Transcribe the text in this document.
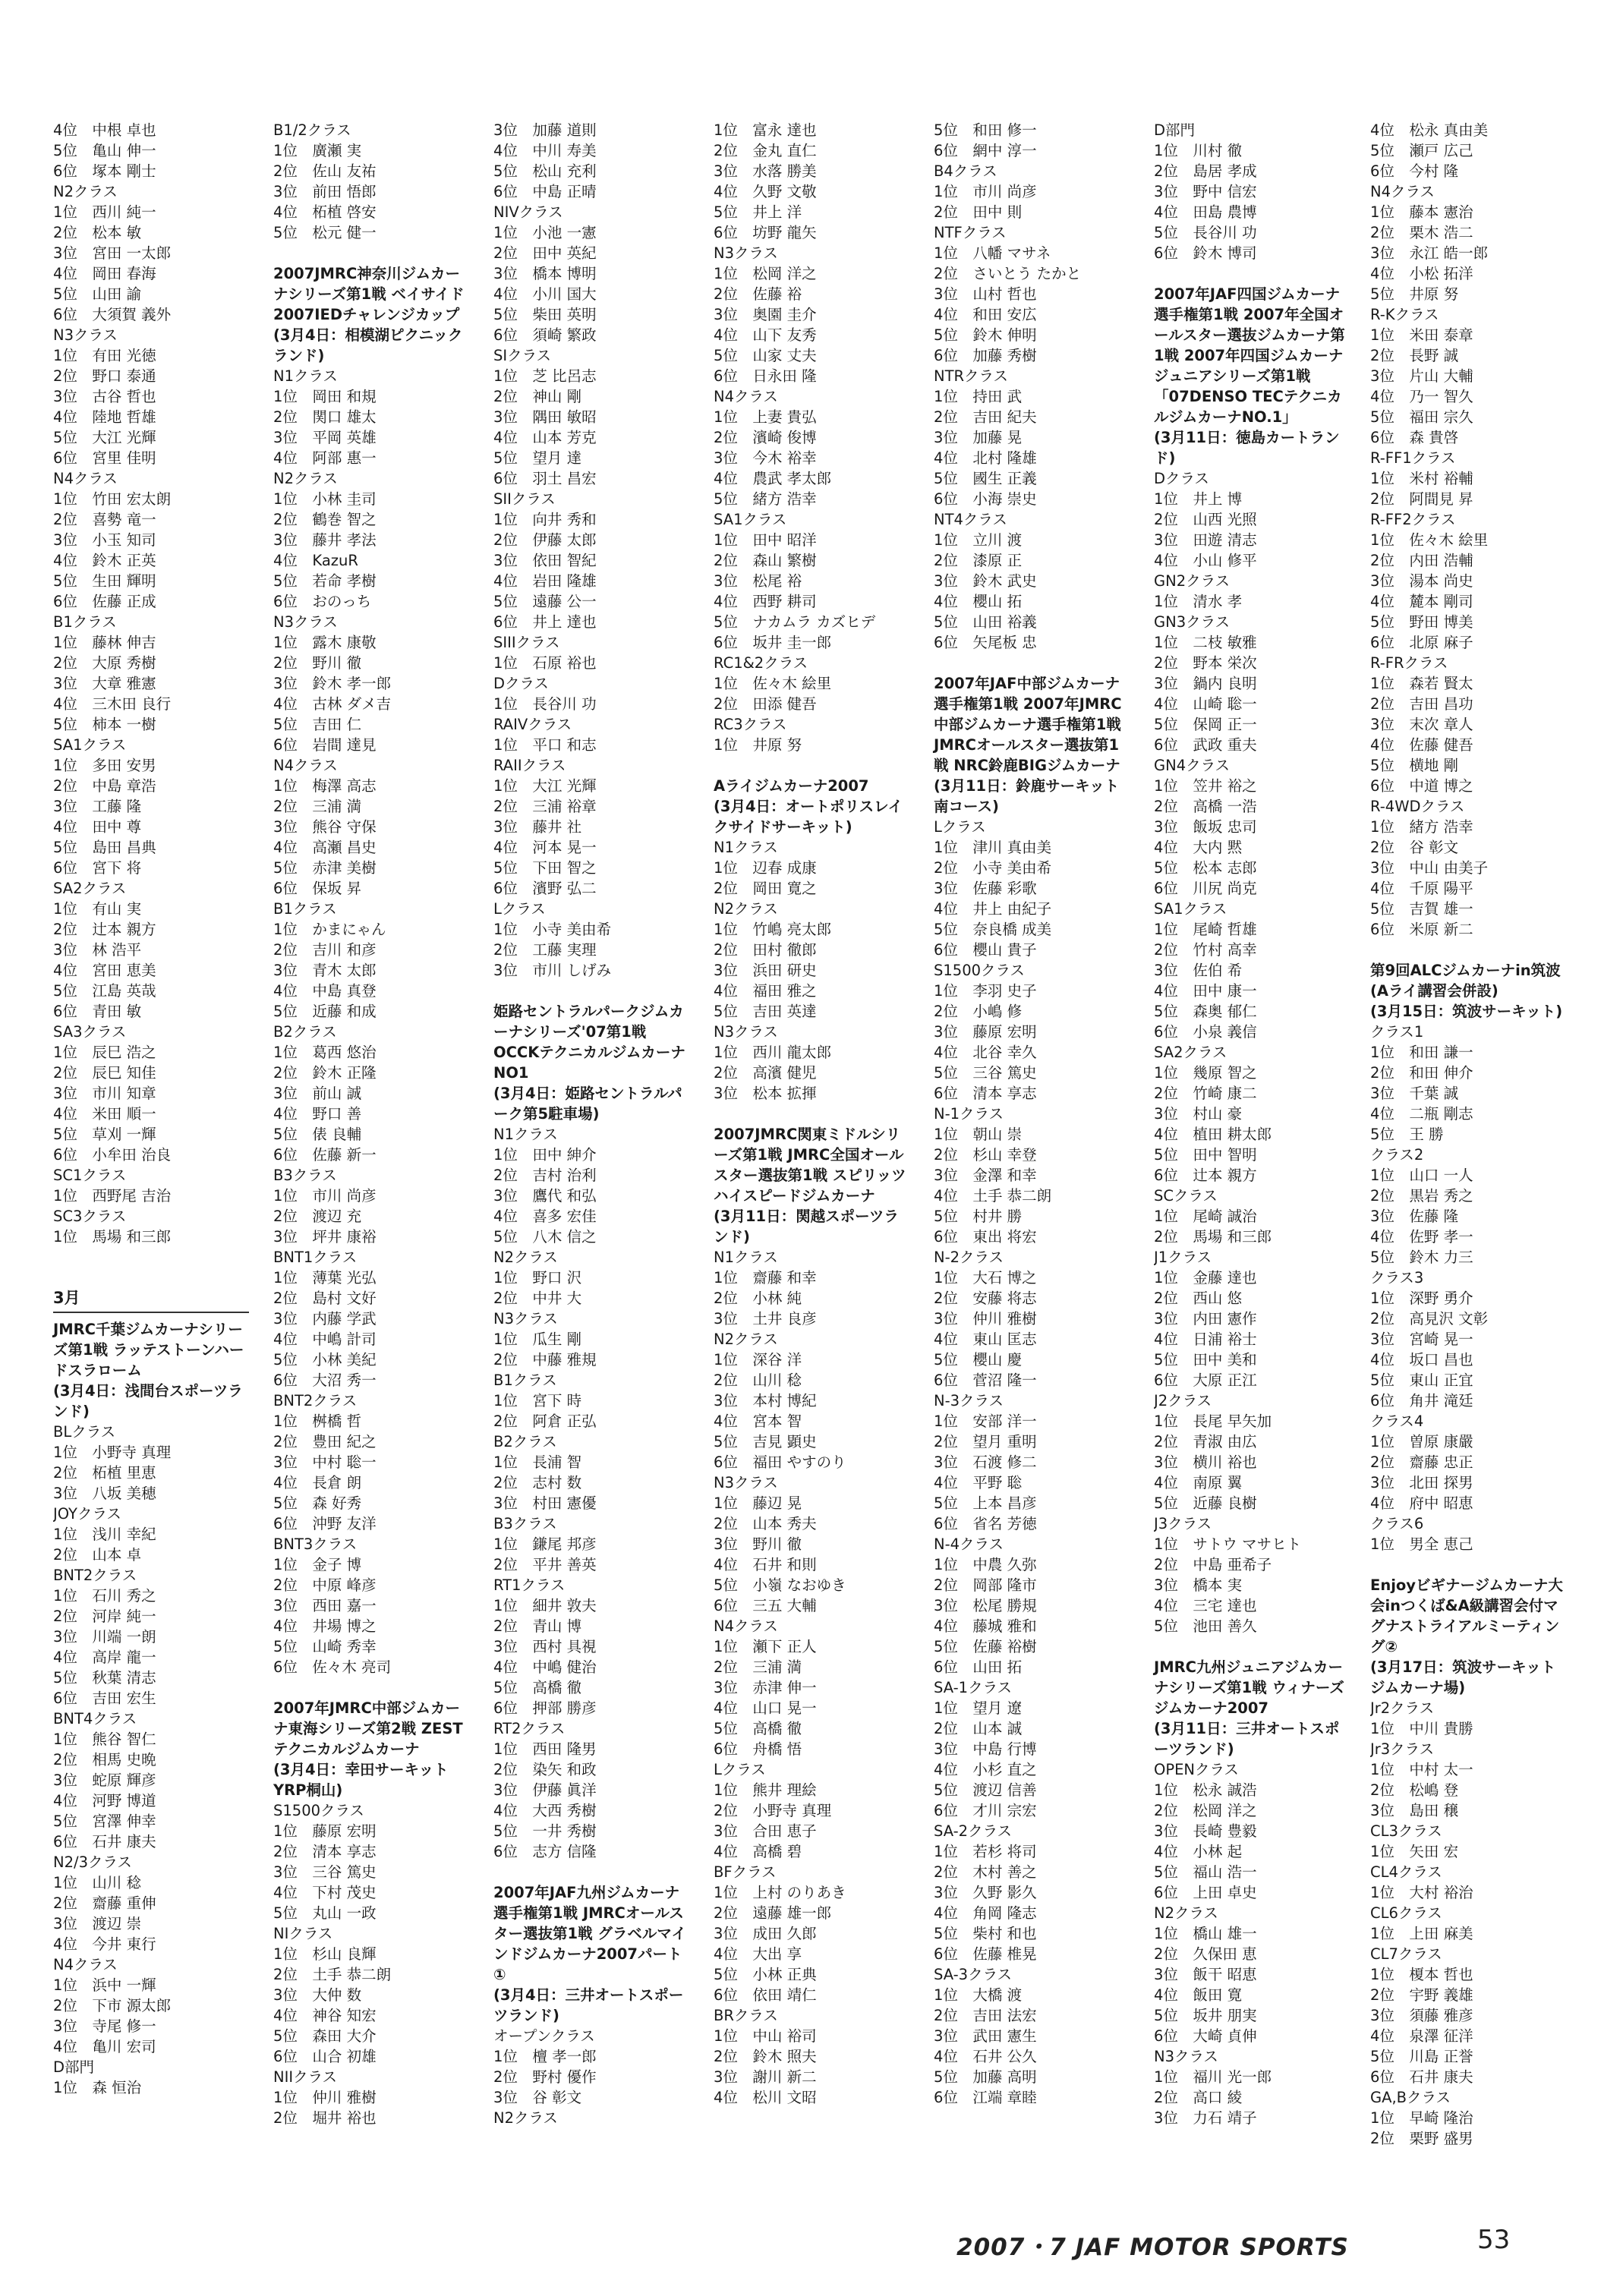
4位　中根 卓也
5位　亀山 伸一
6位　塚本 剛士
N2クラス
1位　西川 純一
2位　松本 敏
3位　宮田 一太郎
4位　岡田 春海
5位　山田 諭
6位　大須賀 義外
N3クラス
1位　有田 光徳
2位　野口 泰通
3位　古谷 哲也
4位　陸地 哲雄
5位　大江 光輝
6位　宮里 佳明
N4クラス
1位　竹田 宏太朗
2位　喜勢 竜一
3位　小玉 知司
4位　鈴木 正英
5位　生田 輝明
6位　佐藤 正成
B1クラス
1位　藤林 伸吉
2位　大原 秀樹
3位　大章 雅憲
4位　三木田 良行
5位　柿本 一樹
SA1クラス
1位　多田 安男
2位　中島 章浩
3位　工藤 隆
4位　田中 尊
5位　島田 昌典
6位　宮下 将
SA2クラス
1位　有山 実
2位　辻本 親方
3位　林 浩平
4位　宮田 恵美
5位　江島 英哉
6位　青田 敏
SA3クラス
1位　辰巳 浩之
2位　辰巳 知佳
3位　市川 知章
4位　米田 順一
5位　草刈 一輝
6位　小牟田 治良
SC1クラス
1位　西野尾 吉治
SC3クラス
1位　馬場 和三郎
3月
JMRC千葉ジムカーナシリーズ第1戦 ラッテストーンハードスラローム
(3月4日：浅間台スポーツランド)
BLクラス
1位　小野寺 真理
2位　柘植 里恵
3位　八坂 美穂
JOYクラス
1位　浅川 幸紀
2位　山本 卓
BNT2クラス
1位　石川 秀之
2位　河岸 純一
3位　川端 一朗
4位　高岸 龍一
5位　秋葉 清志
6位　吉田 宏生
BNT4クラス
1位　熊谷 智仁
2位　相馬 史晩
3位　蛇原 輝彦
4位　河野 博道
5位　宮澤 伸幸
6位　石井 康夫
N2/3クラス
1位　山川 稔
2位　齋藤 重伸
3位　渡辺 崇
4位　今井 東行
N4クラス
1位　浜中 一輝
2位　下市 源太郎
3位　寺尾 修一
4位　亀川 宏司
D部門
1位　森 恒治
B1/2クラス
1位　廣瀬 実
2位　佐山 友祐
3位　前田 悟郎
4位　柘植 啓安
5位　松元 健一
2007JMRC神奈川ジムカーナシリーズ第1戦 ベイサイド2007IEDチャレンジカップ
(3月4日：相模湖ピクニックランド)
N1クラス
1位　岡田 和規
2位　関口 雄太
3位　平岡 英雄
4位　阿部 惠一
N2クラス
1位　小林 圭司
2位　鶴巻 智之
3位　藤井 孝法
4位　KazuR
5位　若命 孝樹
6位　おのっち
N3クラス
1位　露木 康敬
2位　野川 徹
3位　鈴木 孝一郎
4位　古林 ダメ吉
5位　吉田 仁
6位　岩間 達見
N4クラス
1位　梅澤 高志
2位　三浦 満
3位　熊谷 守保
4位　高瀬 昌史
5位　赤津 美樹
6位　保坂 昇
B1クラス
1位　かまにゃん
2位　吉川 和彦
3位　青木 太郎
4位　中島 真登
5位　近藤 和成
B2クラス
1位　葛西 悠治
2位　鈴木 正隆
3位　前山 誠
4位　野口 善
5位　俵 良輔
6位　佐藤 新一
B3クラス
1位　市川 尚彦
2位　渡辺 充
3位　坪井 康裕
BNT1クラス
1位　薄葉 光弘
2位　島村 文好
3位　内藤 学武
4位　中嶋 計司
5位　小林 美紀
6位　大沼 秀一
BNT2クラス
1位　桝橋 哲
2位　豊田 紀之
3位　中村 聡一
4位　長倉 朗
5位　森 好秀
6位　沖野 友洋
BNT3クラス
1位　金子 博
2位　中原 峰彦
3位　西田 嘉一
4位　井場 博之
5位　山崎 秀幸
6位　佐々木 亮司
2007年JMRC中部ジムカーナ東海シリーズ第2戦 ZESTテクニカルジムカーナ
(3月4日：幸田サーキットYRP桐山)
S1500クラス
1位　藤原 宏明
2位　清本 享志
3位　三谷 篤史
4位　下村 茂史
5位　丸山 一政
NIクラス
1位　杉山 良輝
2位　土手 恭二朗
3位　大仲 数
4位　神谷 知宏
5位　森田 大介
6位　山合 初雄
NIIクラス
1位　仲川 雅樹
2位　堀井 裕也
3位　加藤 道則
4位　中川 寿美
5位　松山 充利
6位　中島 正晴
NIVクラス
1位　小池 一憲
2位　田中 英紀
3位　橋本 博明
4位　小川 国大
5位　柴田 英明
6位　須崎 繁政
SIクラス
1位　芝 比呂志
2位　神山 剛
3位　隅田 敏昭
4位　山本 芳克
5位　望月 達
6位　羽土 昌宏
SIIクラス
1位　向井 秀和
2位　伊藤 太郎
3位　依田 智紀
4位　岩田 隆雄
5位　遠藤 公一
6位　井上 達也
SIIIクラス
1位　石原 裕也
Dクラス
1位　長谷川 功
RAIVクラス
1位　平口 和志
RAIIクラス
1位　大江 光輝
2位　三浦 裕章
3位　藤井 社
4位　河本 晃一
5位　下田 智之
6位　濱野 弘二
Lクラス
1位　小寺 美由希
2位　工藤 実理
3位　市川 しげみ
姫路セントラルパークジムカーナシリーズ'07第1戦 OCCKテクニカルジムカーナNO1
(3月4日：姫路セントラルパーク第5駐車場)
N1クラス
1位　田中 紳介
2位　吉村 治利
3位　鷹代 和弘
4位　喜多 宏佳
5位　八木 信之
N2クラス
1位　野口 沢
2位　中井 大
N3クラス
1位　瓜生 剛
2位　中藤 雅規
B1クラス
1位　宮下 時
2位　阿倉 正弘
B2クラス
1位　長浦 智
2位　志村 数
3位　村田 憲優
B3クラス
1位　鎌尾 邦彦
2位　平井 善英
RT1クラス
1位　細井 敦夫
2位　青山 博
3位　西村 具視
4位　中嶋 健治
5位　高橋 徹
6位　押部 勝彦
RT2クラス
1位　西田 隆男
2位　染矢 和政
3位　伊藤 眞洋
4位　大西 秀樹
5位　一井 秀樹
6位　志方 信隆
2007年JAF九州ジムカーナ選手権第1戦 JMRCオールスター選抜第1戦 グラベルマインドジムカーナ2007パート①
(3月4日：三井オートスポーツランド)
オープンクラス
1位　檀 孝一郎
2位　野村 優作
3位　谷 彰文
N2クラス
1位　富永 達也
2位　金丸 直仁
3位　水落 勝美
4位　久野 文敬
5位　井上 洋
6位　坊野 龍矢
N3クラス
1位　松岡 洋之
2位　佐藤 裕
3位　奥園 圭介
4位　山下 友秀
5位　山家 丈夫
6位　日永田 隆
N4クラス
1位　上妻 貴弘
2位　濱崎 俊博
3位　今木 裕幸
4位　農武 孝太郎
5位　緒方 浩幸
SA1クラス
1位　田中 昭洋
2位　森山 繁樹
3位　松尾 裕
4位　西野 耕司
5位　ナカムラ カズヒデ
6位　坂井 圭一郎
RC1&2クラス
1位　佐々木 絵里
2位　田添 健吾
RC3クラス
1位　井原 努
Aライジムカーナ2007
(3月4日：オートポリスレイクサイドサーキット)
N1クラス
1位　辺春 成康
2位　岡田 寛之
N2クラス
1位　竹嶋 亮太郎
2位　田村 徹郎
3位　浜田 研史
4位　福田 雅之
5位　吉田 英達
N3クラス
1位　西川 龍太郎
2位　高濱 健児
3位　松本 拡揮
2007JMRC関東ミドルシリーズ第1戦 JMRC全国オールスター選抜第1戦 スピリッツハイスピードジムカーナ
(3月11日：関越スポーツランド)
N1クラス
1位　齋藤 和幸
2位　小林 純
3位　土井 良彦
N2クラス
1位　深谷 洋
2位　山川 稔
3位　本村 博紀
4位　宮本 智
5位　吉見 顕史
6位　福田 やすのり
N3クラス
1位　藤辺 晃
2位　山本 秀夫
3位　野川 徹
4位　石井 和則
5位　小嶺 なおゆき
6位　三五 大輔
N4クラス
1位　瀬下 正人
2位　三浦 満
3位　赤津 伸一
4位　山口 晃一
5位　高橋 徹
6位　舟橋 悟
Lクラス
1位　熊井 理絵
2位　小野寺 真理
3位　合田 恵子
4位　高橋 碧
BFクラス
1位　上村 のりあき
2位　遠藤 雄一郎
3位　成田 久郎
4位　大出 享
5位　小林 正典
6位　依田 靖仁
BRクラス
1位　中山 裕司
2位　鈴木 照夫
3位　謝川 新二
4位　松川 文昭
5位　和田 修一
6位　網中 淳一
B4クラス
1位　市川 尚彦
2位　田中 則
NTFクラス
1位　八幡 マサネ
2位　さいとう たかと
3位　山村 哲也
4位　和田 安広
5位　鈴木 伸明
6位　加藤 秀樹
NTRクラス
1位　持田 武
2位　吉田 紀夫
3位　加藤 晃
4位　北村 隆雄
5位　國生 正義
6位　小海 崇史
NT4クラス
1位　立川 渡
2位　漆原 正
3位　鈴木 武史
4位　櫻山 拓
5位　山田 裕義
6位　矢尾板 忠
2007年JAF中部ジムカーナ選手権第1戦 2007年JMRC中部ジムカーナ選手権第1戦 JMRCオールスター選抜第1戦 NRC鈴鹿BIGジムカーナ
(3月11日：鈴鹿サーキット南コース)
Lクラス
1位　津川 真由美
2位　小寺 美由希
3位　佐藤 彩歌
4位　井上 由紀子
5位　奈良橋 成美
6位　櫻山 貴子
S1500クラス
1位　李羽 史子
2位　小嶋 修
3位　藤原 宏明
4位　北谷 幸久
5位　三谷 篤史
6位　清本 享志
N-1クラス
1位　朝山 崇
2位　杉山 幸登
3位　金澤 和幸
4位　土手 恭二朗
5位　村井 勝
6位　東出 将宏
N-2クラス
1位　大石 博之
2位　安藤 将志
3位　仲川 雅樹
4位　東山 匡志
5位　櫻山 慶
6位　菅沼 隆一
N-3クラス
1位　安部 洋一
2位　望月 重明
3位　石渡 修二
4位　平野 聡
5位　上本 昌彦
6位　省名 芳徳
N-4クラス
1位　中農 久弥
2位　岡部 隆市
3位　松尾 勝規
4位　藤城 雅和
5位　佐藤 裕樹
6位　山田 拓
SA-1クラス
1位　望月 遼
2位　山本 誠
3位　中島 行博
4位　小杉 直之
5位　渡辺 信善
6位　才川 宗宏
SA-2クラス
1位　若杉 将司
2位　木村 善之
3位　久野 影久
4位　角岡 隆志
5位　柴村 和也
6位　佐藤 椎晃
SA-3クラス
1位　大橋 渡
2位　吉田 法宏
3位　武田 憲生
4位　石井 公久
5位　加藤 高明
6位　江端 章睦
D部門
1位　川村 徹
2位　島居 孝成
3位　野中 信宏
4位　田島 農博
5位　長谷川 功
6位　鈴木 博司
2007年JAF四国ジムカーナ選手権第1戦 2007年全国オールスター選抜ジムカーナ第1戦 2007年四国ジムカーナジュニアシリーズ第1戦 「07DENSO TECテクニカルジムカーナNO.1」
(3月11日：徳島カートランド)
Dクラス
1位　井上 博
2位　山西 光照
3位　田遊 清志
4位　小山 修平
GN2クラス
1位　清水 孝
GN3クラス
1位　二枝 敏雅
2位　野本 栄次
3位　鍋内 良明
4位　山崎 聡一
5位　保岡 正一
6位　武政 重夫
GN4クラス
1位　笠井 裕之
2位　高橋 一浩
3位　飯坂 忠司
4位　大内 黙
5位　松本 志郎
6位　川尻 尚克
SA1クラス
1位　尾崎 哲雄
2位　竹村 高幸
3位　佐伯 希
4位　田中 康一
5位　森奥 郁仁
6位　小泉 義信
SA2クラス
1位　幾原 智之
2位　竹崎 康二
3位　村山 豪
4位　植田 耕太郎
5位　田中 智明
6位　辻本 親方
SCクラス
1位　尾崎 誠治
2位　馬場 和三郎
J1クラス
1位　金藤 達也
2位　西山 悠
3位　内田 憲作
4位　日浦 裕士
5位　田中 美和
6位　大原 正江
J2クラス
1位　長尾 早矢加
2位　青淑 由広
3位　横川 裕也
4位　南原 翼
5位　近藤 良樹
J3クラス
1位　サトウ マサヒト
2位　中島 亜希子
3位　橋本 実
4位　三宅 達也
5位　池田 善久
JMRC九州ジュニアジムカーナシリーズ第1戦 ウィナーズジムカーナ2007
(3月11日：三井オートスポーツランド)
OPENクラス
1位　松永 誠浩
2位　松岡 洋之
3位　長崎 豊毅
4位　小林 起
5位　福山 浩一
6位　上田 卓史
N2クラス
1位　橋山 雄一
2位　久保田 恵
3位　飯干 昭恵
4位　飯田 寛
5位　坂井 朋実
6位　大崎 貞伸
N3クラス
1位　福川 光一郎
2位　高口 綾
3位　力石 靖子
4位　松永 真由美
5位　瀬戸 広己
6位　今村 隆
N4クラス
1位　藤本 憲治
2位　栗木 浩二
3位　永江 皓一郎
4位　小松 拓洋
5位　井原 努
R-Kクラス
1位　米田 泰章
2位　長野 誠
3位　片山 大輔
4位　乃一 智久
5位　福田 宗久
6位　森 貴啓
R-FF1クラス
1位　米村 裕輔
2位　阿間見 昇
R-FF2クラス
1位　佐々木 絵里
2位　内田 浩輔
3位　湯本 尚史
4位　麓本 剛司
5位　野田 博美
6位　北原 麻子
R-FRクラス
1位　森若 賢太
2位　吉田 昌功
3位　末次 章人
4位　佐藤 健吾
5位　横地 剛
6位　中道 博之
R-4WDクラス
1位　緒方 浩幸
2位　谷 彰文
3位　中山 由美子
4位　千原 陽平
5位　吉賀 雄一
6位　米原 新二
第9回ALCジムカーナin筑波(Aライ講習会併設)
(3月15日：筑波サーキット)
クラス1
1位　和田 謙一
2位　和田 伸介
3位　千葉 誠
4位　二瓶 剛志
5位　王 勝
クラス2
1位　山口 一人
2位　黒岩 秀之
3位　佐藤 隆
4位　佐野 孝一
5位　鈴木 力三
クラス3
1位　深野 勇介
2位　高見沢 文彰
3位　宮崎 晃一
4位　坂口 昌也
5位　東山 正宜
6位　角井 滝廷
クラス4
1位　曽原 康嚴
2位　齋藤 忠正
3位　北田 探男
4位　府中 昭恵
クラス6
1位　男全 恵己
Enjoyビギナージムカーナ大会inつくば&A級講習会付マグナストライアルミーティング②
(3月17日：筑波サーキットジムカーナ場)
Jr2クラス
1位　中川 貴勝
Jr3クラス
1位　中村 太一
2位　松嶋 登
3位　島田 穣
CL3クラス
1位　矢田 宏
CL4クラス
1位　大村 裕治
CL6クラス
1位　上田 麻美
CL7クラス
1位　榎本 哲也
2位　宇野 義雄
3位　須藤 雅彦
4位　泉澤 征洋
5位　川島 正誉
6位　石井 康夫
GA,Bクラス
1位　早崎 隆治
2位　栗野 盛男
2007・7 JAF MOTOR SPORTS	53
